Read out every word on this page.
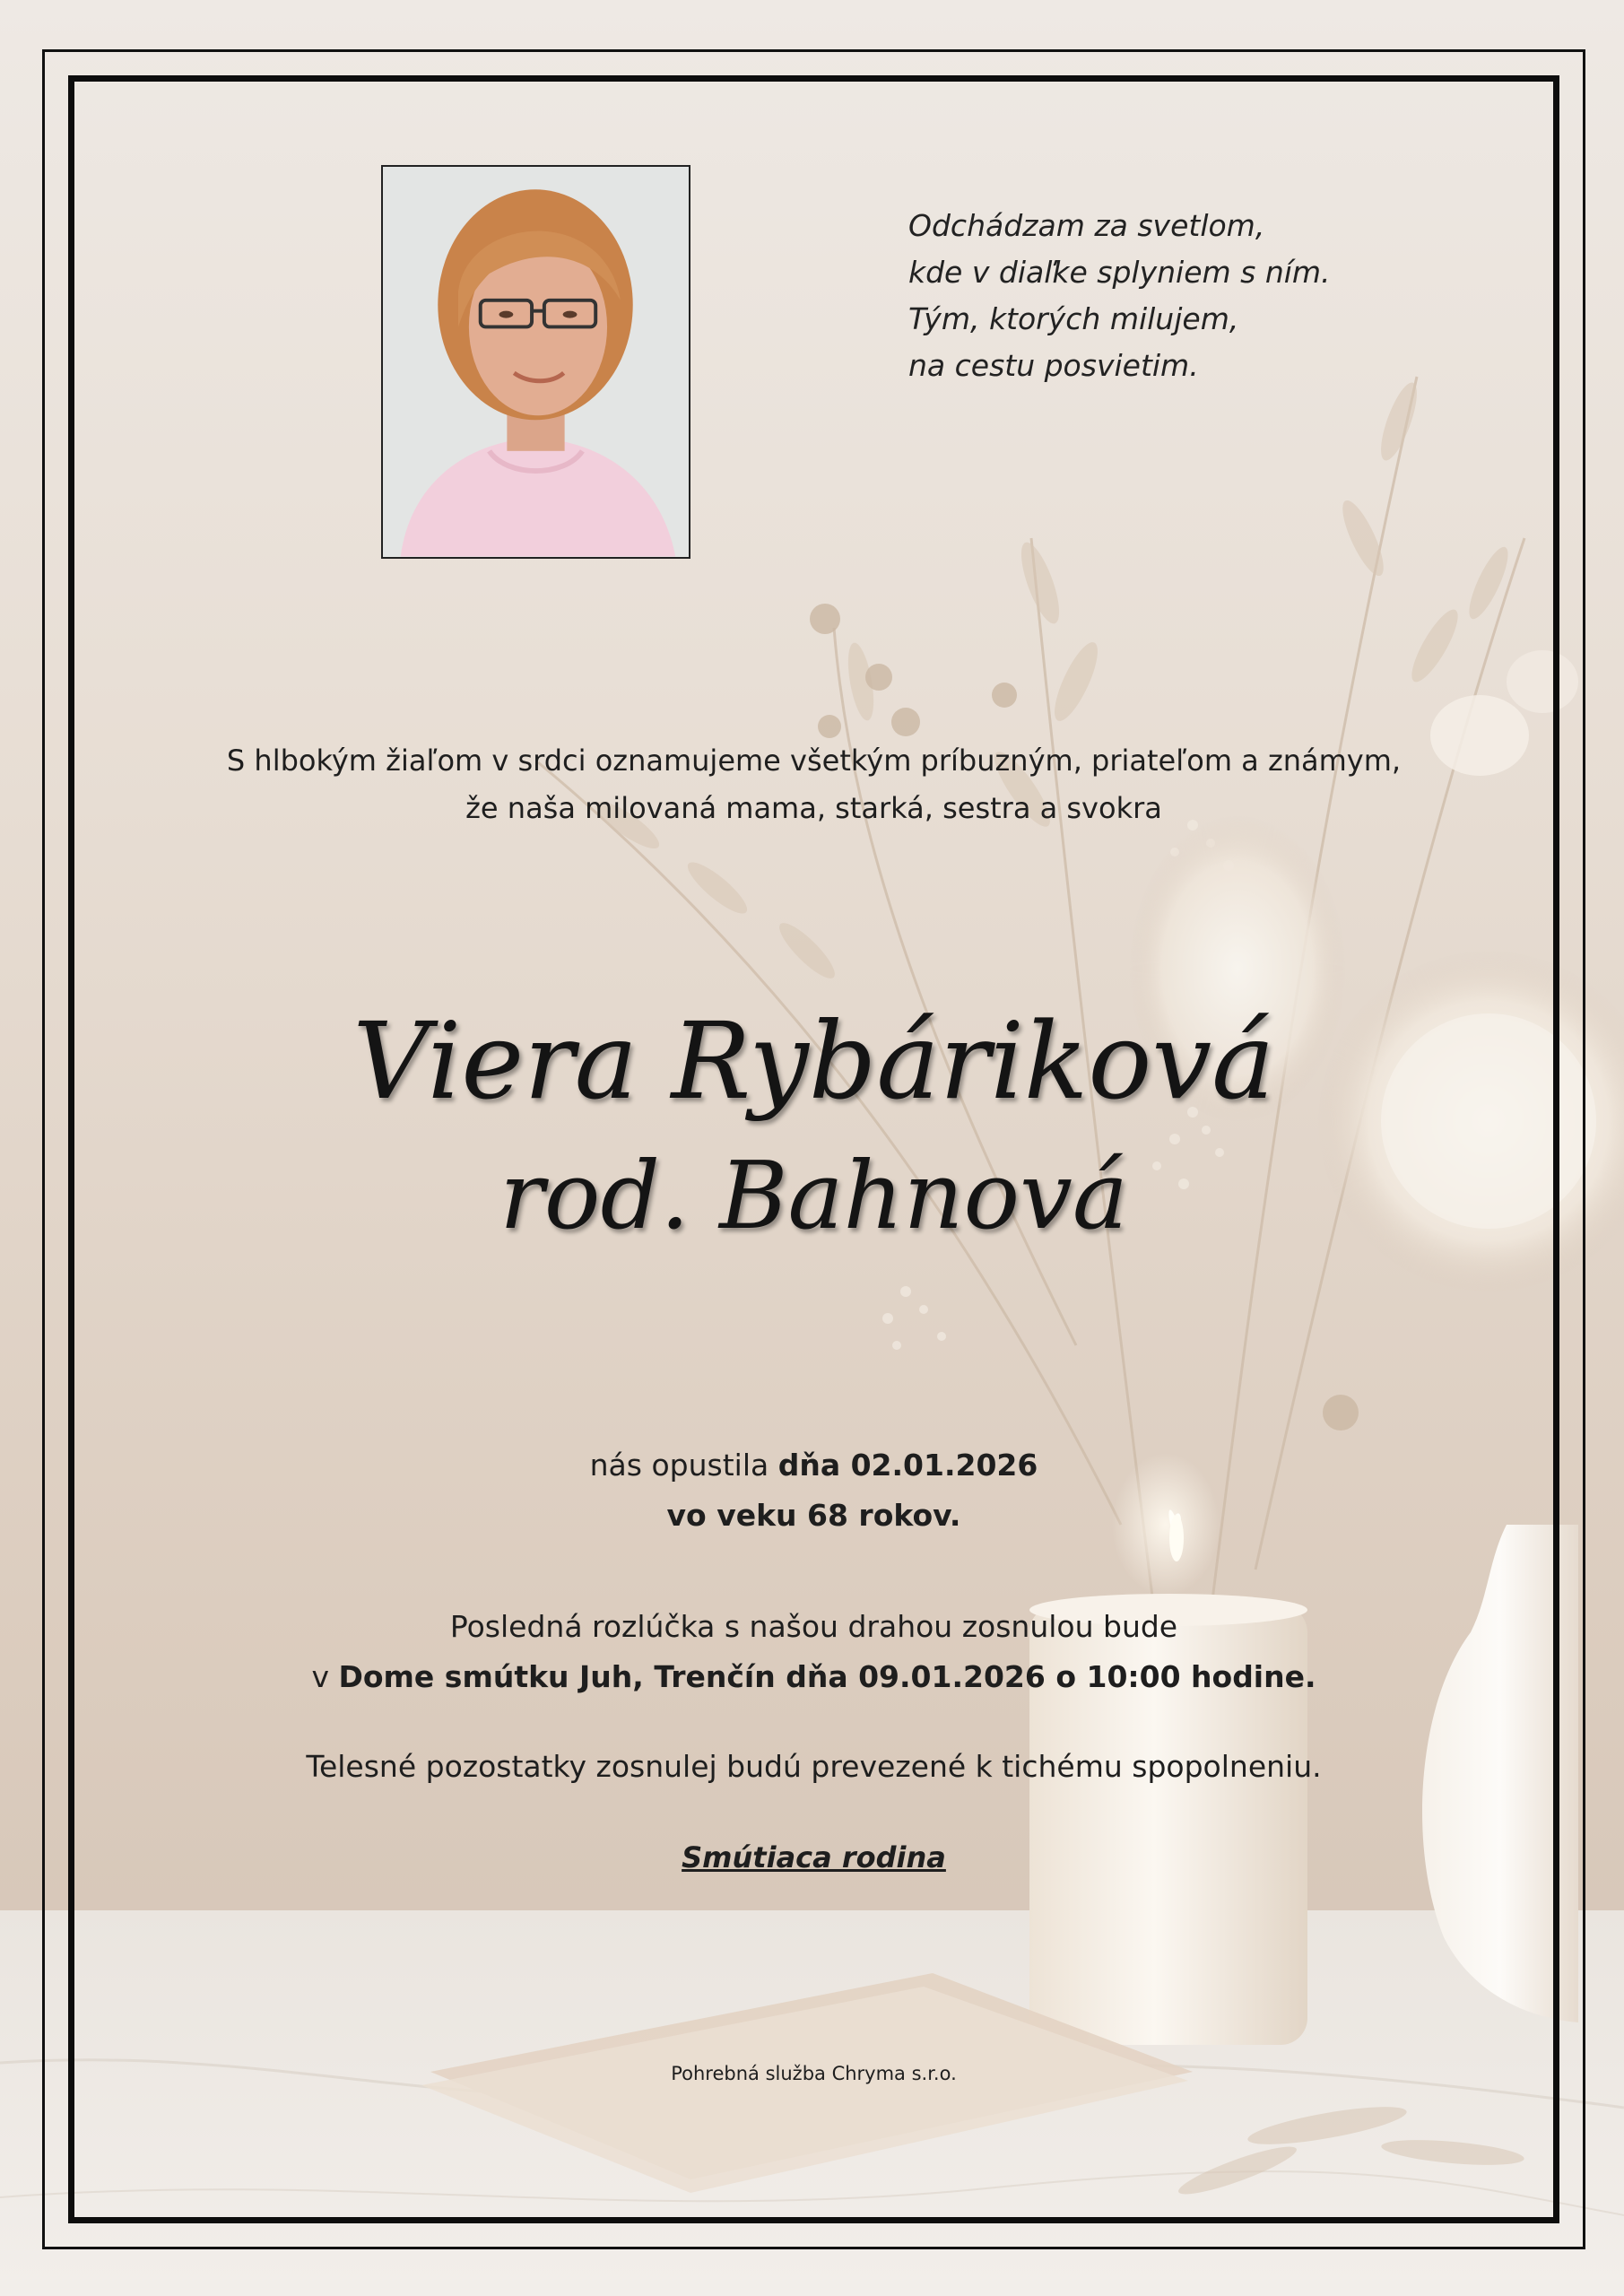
Odchádzam za svetlom,
kde v diaľke splyniem s ním.
Tým, ktorých milujem,
na cestu posvietim.
S hlbokým žiaľom v srdci oznamujeme všetkým príbuzným, priateľom a známym,
že naša milovaná mama, starká, sestra a svokra
Viera Rybáriková
rod. Bahnová
nás opustila dňa 02.01.2026
vo veku 68 rokov.
Posledná rozlúčka s našou drahou zosnulou bude
v Dome smútku Juh, Trenčín dňa 09.01.2026 o 10:00 hodine.
Telesné pozostatky zosnulej budú prevezené k tichému spopolneniu.
Smútiaca rodina
Pohrebná služba Chryma s.r.o.
